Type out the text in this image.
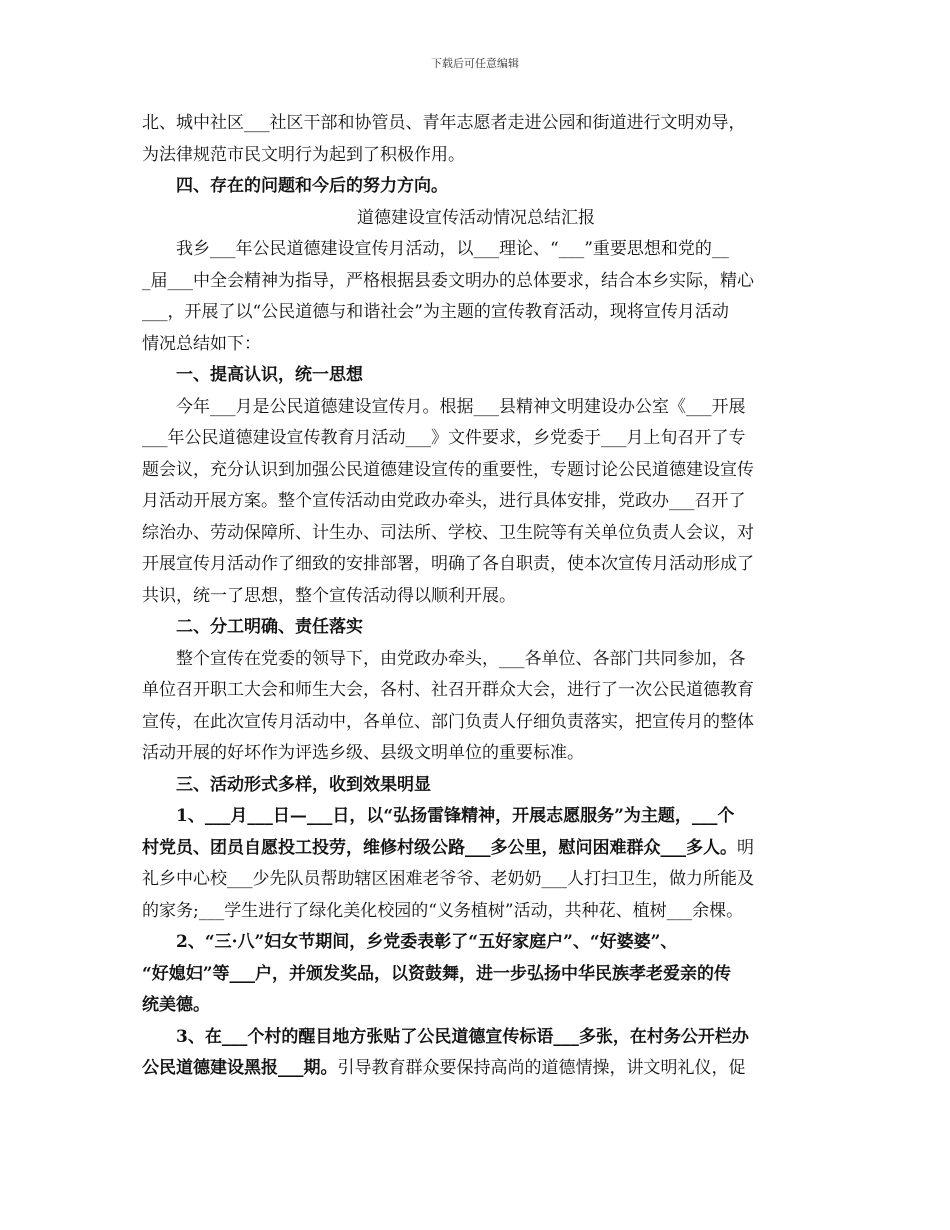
下载后可任意编辑
北、城中社区___社区干部和协管员、青年志愿者走进公园和街道进行文明劝导，
为法律规范市民文明行为起到了积极作用。
四、存在的问题和今后的努力方向。
道德建设宣传活动情况总结汇报
我乡___年公民道德建设宣传月活动，以___理论、“___”重要思想和党的__
_届___中全会精神为指导，严格根据县委文明办的总体要求，结合本乡实际，精心
___，开展了以“公民道德与和谐社会”为主题的宣传教育活动，现将宣传月活动
情况总结如下：
一、提高认识，统一思想
今年___月是公民道德建设宣传月。根据___县精神文明建设办公室《___开展
___年公民道德建设宣传教育月活动___》文件要求，乡党委于___月上旬召开了专
题会议，充分认识到加强公民道德建设宣传的重要性，专题讨论公民道德建设宣传
月活动开展方案。整个宣传活动由党政办牵头，进行具体安排，党政办___召开了
综治办、劳动保障所、计生办、司法所、学校、卫生院等有关单位负责人会议，对
开展宣传月活动作了细致的安排部署，明确了各自职责，使本次宣传月活动形成了
共识，统一了思想，整个宣传活动得以顺利开展。
二、分工明确、责任落实
整个宣传在党委的领导下，由党政办牵头，___各单位、各部门共同参加，各
单位召开职工大会和师生大会，各村、社召开群众大会，进行了一次公民道德教育
宣传，在此次宣传月活动中，各单位、部门负责人仔细负责落实，把宣传月的整体
活动开展的好坏作为评选乡级、县级文明单位的重要标准。
三、活动形式多样，收到效果明显
1、___月___日—___日，以“弘扬雷锋精神，开展志愿服务”为主题，___个
村党员、团员自愿投工投劳，维修村级公路___多公里，慰问困难群众___多人。明
礼乡中心校___少先队员帮助辖区困难老爷爷、老奶奶___人打扫卫生，做力所能及
的家务;___学生进行了绿化美化校园的“义务植树”活动，共种花、植树___余棵。
2、“三·八”妇女节期间，乡党委表彰了“五好家庭户”、“好婆婆”、
“好媳妇”等___户，并颁发奖品，以资鼓舞，进一步弘扬中华民族孝老爱亲的传
统美德。
3、在___个村的醒目地方张贴了公民道德宣传标语___多张，在村务公开栏办
公民道德建设黑报___期。引导教育群众要保持高尚的道德情操，讲文明礼仪，促
